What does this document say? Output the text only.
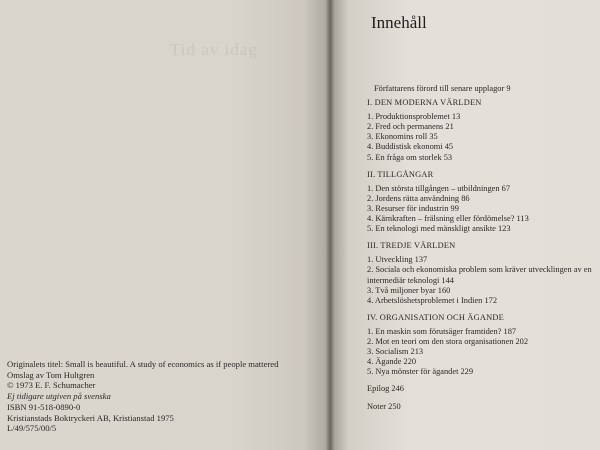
Tid av idag
Originalets titel: Small is beautiful. A study of economics as if people mattered
Omslag av Tom Hultgren
© 1973 E. F. Schumacher
Ej tidigare utgiven på svenska
ISBN 91-518-0890-0
Kristianstads Boktryckeri AB, Kristianstad 1975
L/49/575/00/5
Innehåll
Författarens förord till senare upplagor 9
I. DEN MODERNA VÄRLDEN
1. Produktionsproblemet 13
2. Fred och permanens 21
3. Ekonomins roll 35
4. Buddistisk ekonomi 45
5. En fråga om storlek 53
II. TILLGÅNGAR
1. Den största tillgången – utbildningen 67
2. Jordens rätta användning 86
3. Resurser för industrin 99
4. Kärnkraften – frälsning eller fördömelse? 113
5. En teknologi med mänskligt ansikte 123
III. TREDJE VÄRLDEN
1. Utveckling 137
2. Sociala och ekonomiska problem som kräver utvecklingen av en intermediär teknologi 144
3. Två miljoner byar 160
4. Arbetslöshetsproblemet i Indien 172
IV. ORGANISATION OCH ÄGANDE
1. En maskin som förutsäger framtiden? 187
2. Mot en teori om den stora organisationen 202
3. Socialism 213
4. Ägande 220
5. Nya mönster för ägandet 229
Epilog 246
Noter 250
